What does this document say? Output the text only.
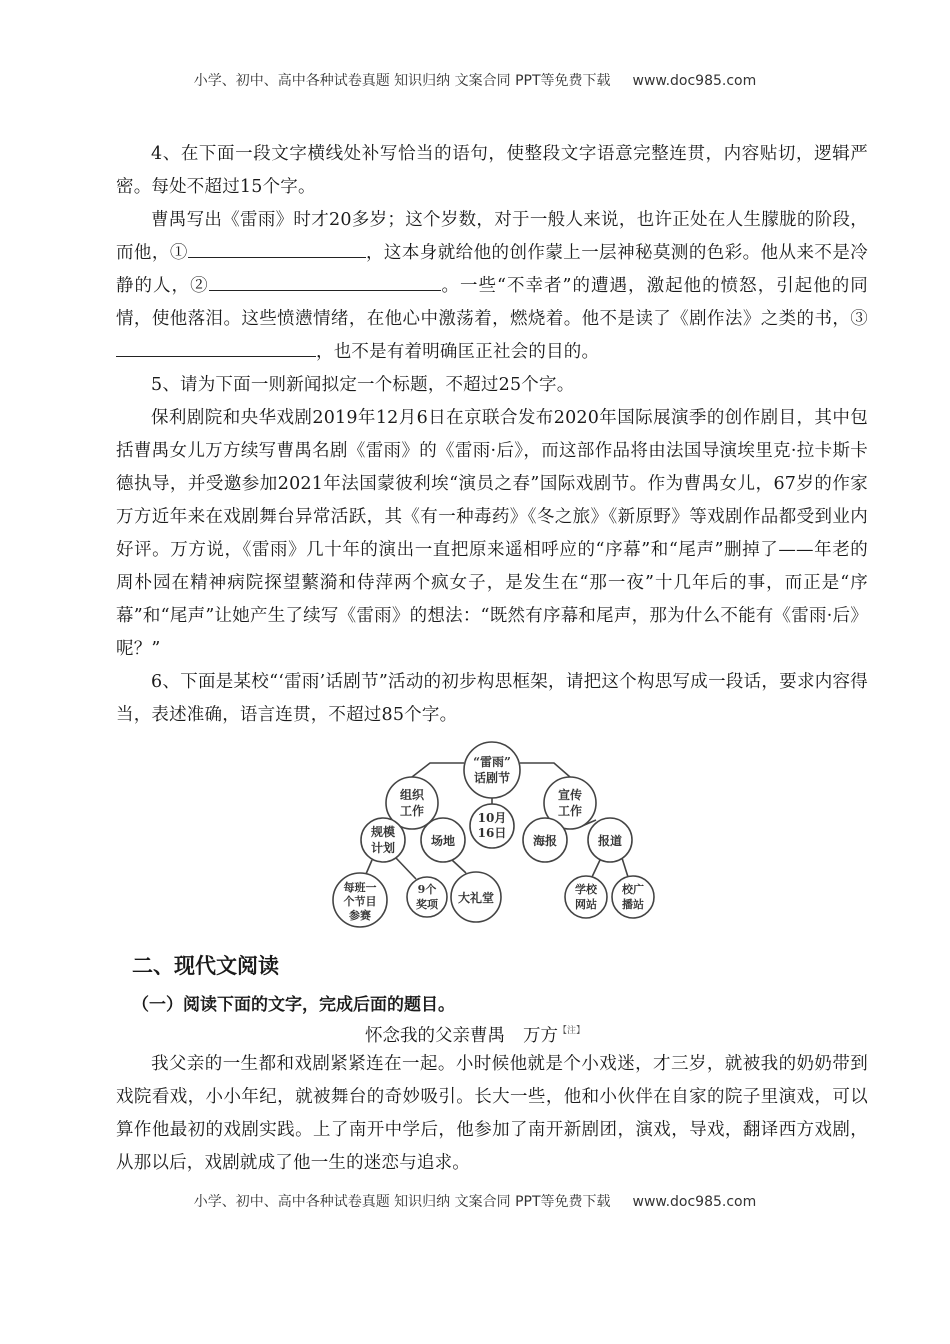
小学、初中、高中各种试卷真题 知识归纳 文案合同 PPT等免费下载 www.doc985.com

4、在下面一段文字横线处补写恰当的语句，使整段文字语意完整连贯，内容贴切，逻辑严密。每处不超过15个字。

曹禺写出《雷雨》时才20多岁；这个岁数，对于一般人来说，也许正处在人生朦胧的阶段，而他，①	，这本身就给他的创作蒙上一层神秘莫测的色彩。他从来不是冷静的人，②	。一些“不幸者”的遭遇，激起他的愤怒，引起他的同情，使他落泪。这些愤懑情绪，在他心中激荡着，燃烧着。他不是读了《剧作法》之类的书，③，也不是有着明确匡正社会的目的。

5、请为下面一则新闻拟定一个标题，不超过25个字。

保利剧院和央华戏剧2019年12月6日在京联合发布2020年国际展演季的创作剧目，其中包括曹禺女儿万方续写曹禺名剧《雷雨》的《雷雨·后》，而这部作品将由法国导演埃里克·拉卡斯卡德执导，并受邀参加2021年法国蒙彼利埃“演员之春”国际戏剧节。作为曹禺女儿，67岁的作家万方近年来在戏剧舞台异常活跃，其《有一种毒药》《冬之旅》《新原野》等戏剧作品都受到业内好评。万方说，《雷雨》几十年的演出一直把原来遥相呼应的“序幕”和“尾声”删掉了——年老的周朴园在精神病院探望蘩漪和侍萍两个疯女子，是发生在“那一夜”十几年后的事，而正是“序幕”和“尾声”让她产生了续写《雷雨》的想法：“既然有序幕和尾声，那为什么不能有《雷雨·后》呢？”

6、下面是某校“‘雷雨’话剧节”活动的初步构思框架，请把这个构思写成一段话，要求内容得当，表述准确，语言连贯，不超过85个字。

“雷雨”
话剧节
组织
工作	10月
16日
宣传
工作
规模
计划	场地	海报	报道
每班一
个节目
参赛
9个
奖项 大礼堂
学校
网站
校广
播站
二、现代文阅读
（一）阅读下面的文字，完成后面的题目。
怀念我的父亲曹禺 万方$^{【注】}$

我父亲的一生都和戏剧紧紧连在一起。小时候他就是个小戏迷，才三岁，就被我的奶奶带到戏院看戏，小小年纪，就被舞台的奇妙吸引。长大一些，他和小伙伴在自家的院子里演戏，可以算作他最初的戏剧实践。上了南开中学后，他参加了南开新剧团，演戏，导戏，翻译西方戏剧，从那以后，戏剧就成了他一生的迷恋与追求。

小学、初中、高中各种试卷真题 知识归纳 文案合同 PPT等免费下载 www.doc985.com
